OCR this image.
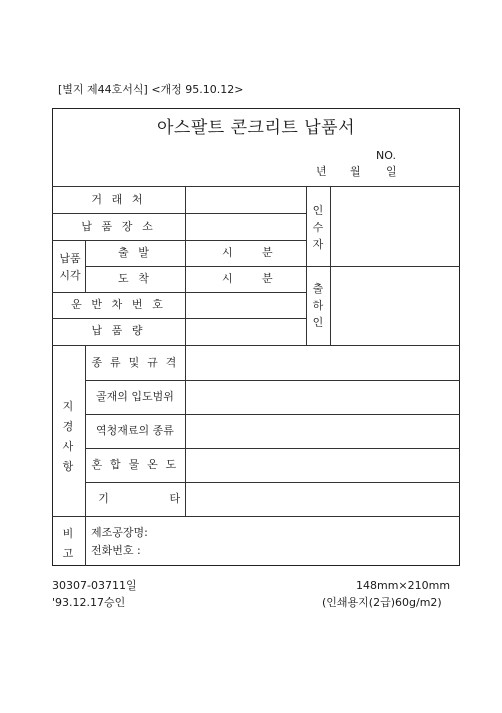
[별지 제44호서식] <개정 95.10.12>
아스팔트 콘크리트 납품서
NO.
년 월 일
거 래 처
납 품 장 소
납품
시각
출 발
도 착
시	분
시	분
운 반 차 번 호
납 품 량
인
수
자
출
하
인
지
경
사
항
종 류 및 규 격
골재의 입도범위
역청재료의 종류
혼 합 물 온 도
기 타
비
고
제조공장명:
전화번호 :
30307-03711일
'93.12.17승인
148mm×210mm
(인쇄용지(2급)60g/m2)
